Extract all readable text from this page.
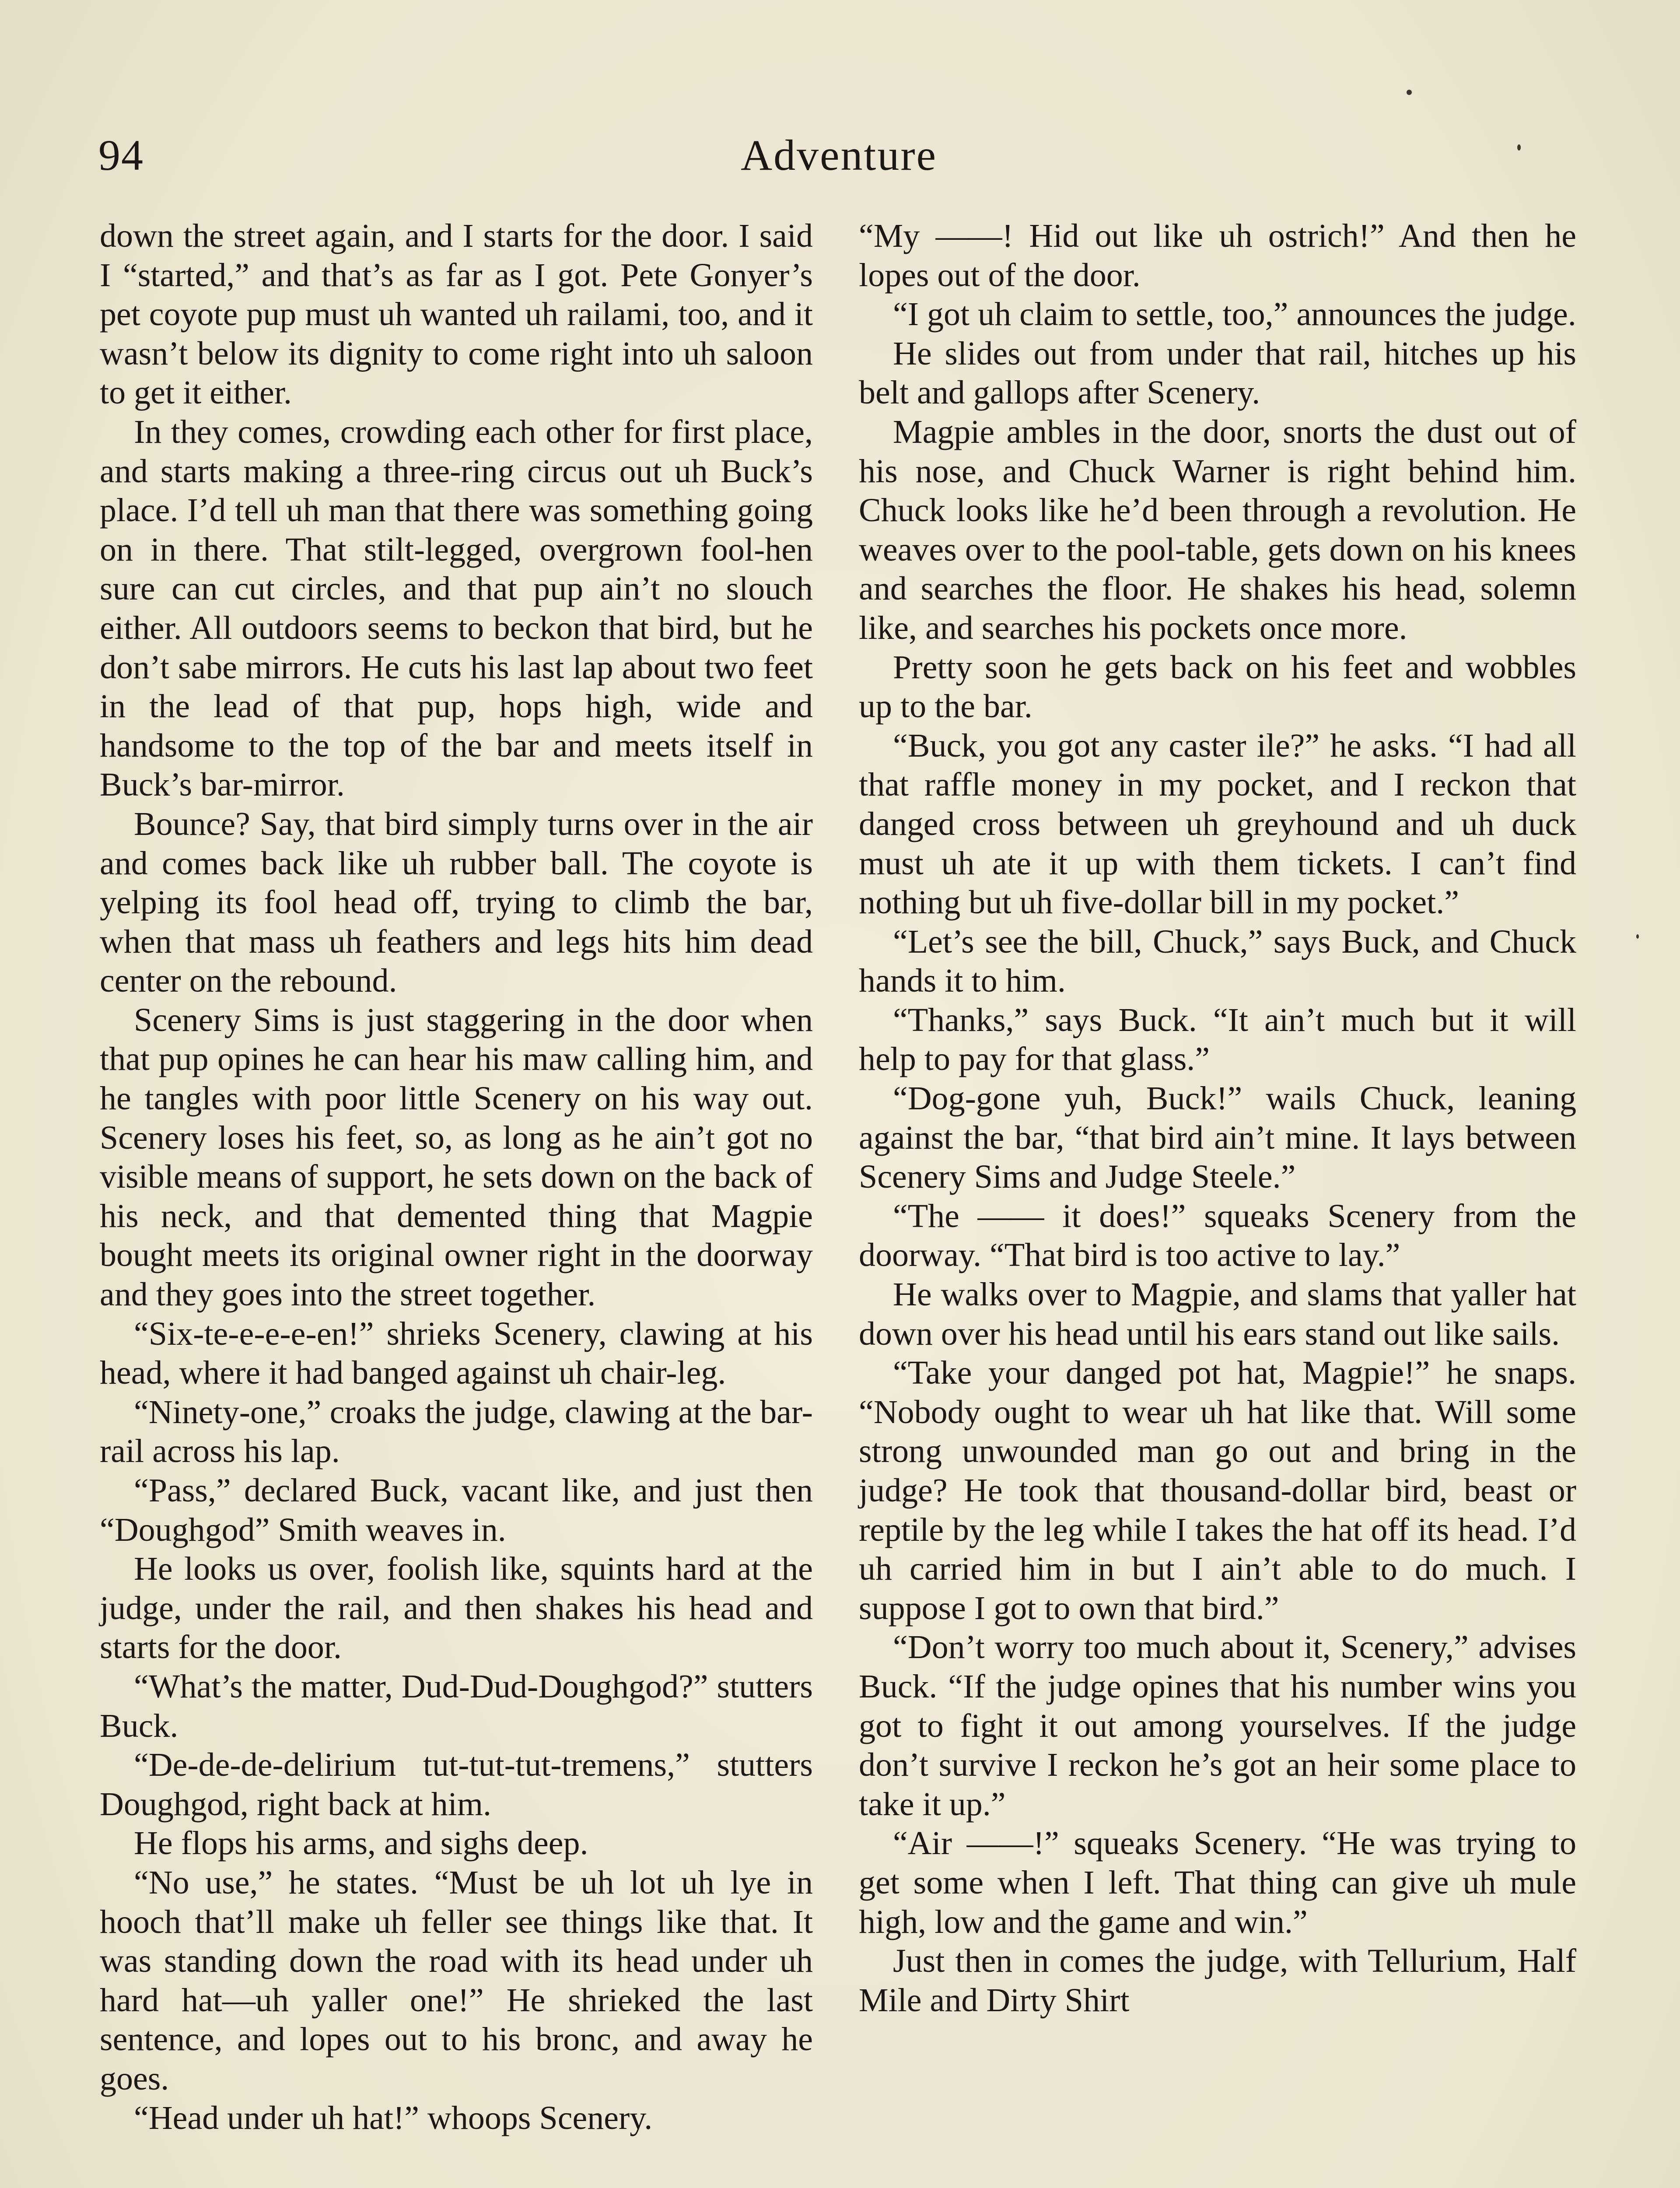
94	Adventure

down the street again, and I starts for the door. I said I “started,” and that’s as far as I got. Pete Gonyer’s pet coyote pup must uh wanted uh railami, too, and it wasn’t below its dignity to come right into uh saloon to get it either.

In they comes, crowding each other for first place, and starts making a three-ring circus out uh Buck’s place. I’d tell uh man that there was something going on in there. That stilt-legged, overgrown fool-hen sure can cut circles, and that pup ain’t no slouch either. All outdoors seems to beckon that bird, but he don’t sabe mirrors. He cuts his last lap about two feet in the lead of that pup, hops high, wide and handsome to the top of the bar and meets itself in Buck’s bar-mirror.

Bounce? Say, that bird simply turns over in the air and comes back like uh rubber ball. The coyote is yelping its fool head off, trying to climb the bar, when that mass uh feathers and legs hits him dead center on the rebound.

Scenery Sims is just staggering in the door when that pup opines he can hear his maw calling him, and he tangles with poor little Scenery on his way out. Scenery loses his feet, so, as long as he ain’t got no visible means of support, he sets down on the back of his neck, and that demented thing that Magpie bought meets its original owner right in the doorway and they goes into the street together.

“Six-te-e-e-e-en!” shrieks Scenery, clawing at his head, where it had banged against uh chair-leg.

“Ninety-one,” croaks the judge, clawing at the bar-rail across his lap.

“Pass,” declared Buck, vacant like, and just then “Doughgod” Smith weaves in.

He looks us over, foolish like, squints hard at the judge, under the rail, and then shakes his head and starts for the door.

“What’s the matter, Dud-Dud-Doughgod?” stutters Buck.

“De-de-de-delirium tut-tut-tut-tremens,” stutters Doughgod, right back at him.

He flops his arms, and sighs deep.

“No use,” he states. “Must be uh lot uh lye in hooch that’ll make uh feller see things like that. It was standing down the road with its head under uh hard hat—uh yaller one!” He shrieked the last sentence, and lopes out to his bronc, and away he goes.

“Head under uh hat!” whoops Scenery.

“My ——! Hid out like uh ostrich!” And then he lopes out of the door.

“I got uh claim to settle, too,” announces the judge.

He slides out from under that rail, hitches up his belt and gallops after Scenery.

Magpie ambles in the door, snorts the dust out of his nose, and Chuck Warner is right behind him. Chuck looks like he’d been through a revolution. He weaves over to the pool-table, gets down on his knees and searches the floor. He shakes his head, solemn like, and searches his pockets once more.

Pretty soon he gets back on his feet and wobbles up to the bar.

“Buck, you got any caster ile?” he asks. “I had all that raffle money in my pocket, and I reckon that danged cross between uh greyhound and uh duck must uh ate it up with them tickets. I can’t find nothing but uh five-dollar bill in my pocket.”

“Let’s see the bill, Chuck,” says Buck, and Chuck hands it to him.

“Thanks,” says Buck. “It ain’t much but it will help to pay for that glass.”

“Dog-gone yuh, Buck!” wails Chuck, leaning against the bar, “that bird ain’t mine. It lays between Scenery Sims and Judge Steele.”

“The —— it does!” squeaks Scenery from the doorway. “That bird is too active to lay.”

He walks over to Magpie, and slams that yaller hat down over his head until his ears stand out like sails.

“Take your danged pot hat, Magpie!” he snaps. “Nobody ought to wear uh hat like that. Will some strong unwounded man go out and bring in the judge? He took that thousand-dollar bird, beast or reptile by the leg while I takes the hat off its head. I’d uh carried him in but I ain’t able to do much. I suppose I got to own that bird.”

“Don’t worry too much about it, Scenery,” advises Buck. “If the judge opines that his number wins you got to fight it out among yourselves. If the judge don’t survive I reckon he’s got an heir some place to take it up.”

“Air ——!” squeaks Scenery. “He was trying to get some when I left. That thing can give uh mule high, low and the game and win.”

Just then in comes the judge, with Tellurium, Half Mile and Dirty Shirt
